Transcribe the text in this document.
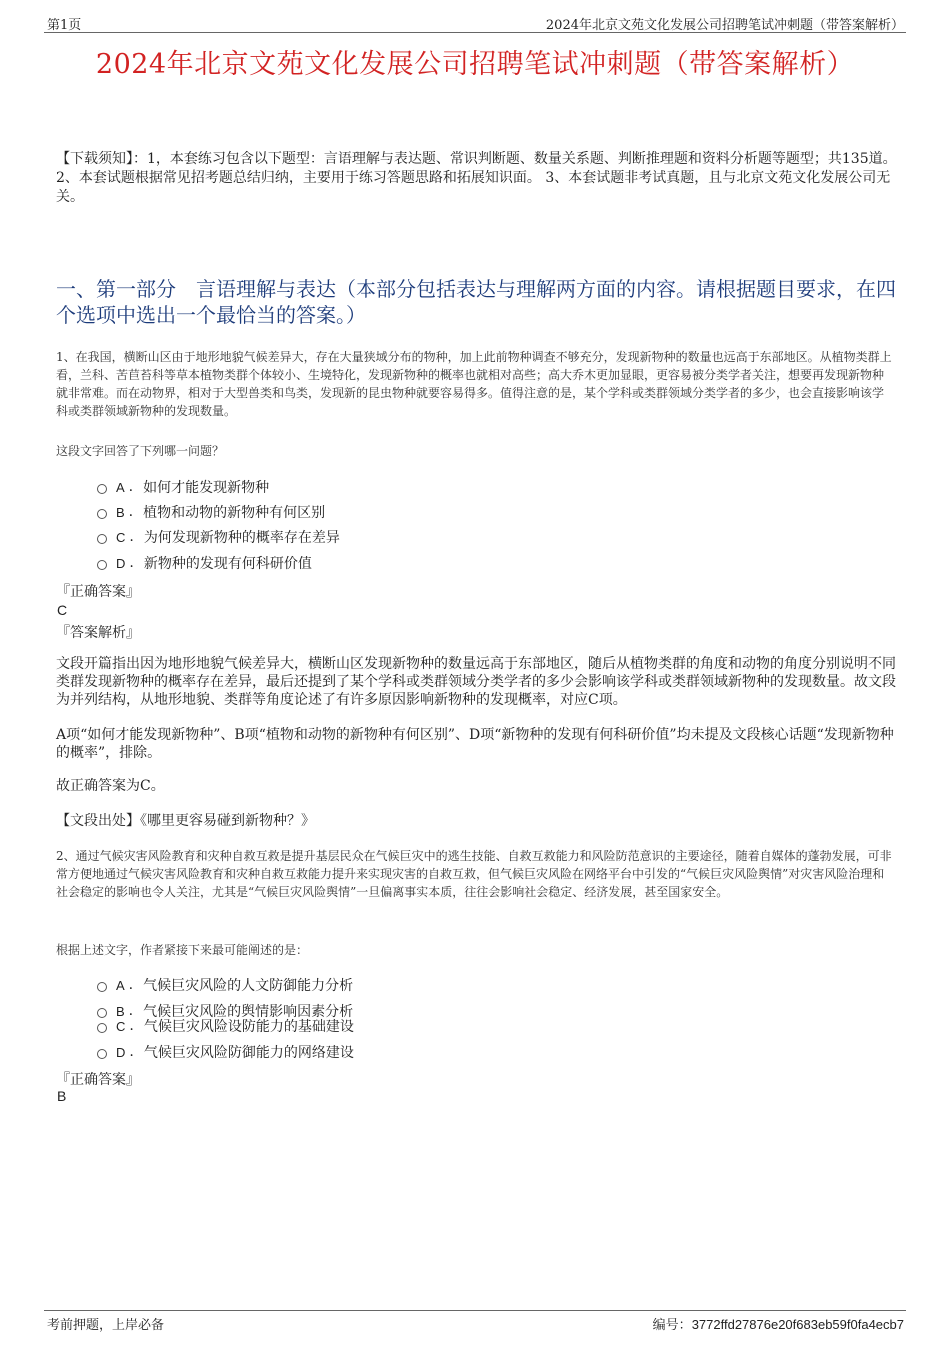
第1页	2024年北京文苑文化发展公司招聘笔试冲刺题（带答案解析）
2024年北京文苑文化发展公司招聘笔试冲刺题（带答案解析）
【下载须知】：1，本套练习包含以下题型：言语理解与表达题、常识判断题、数量关系题、判断推理题和资料分析题等题型；共135道。 2、本套试题根据常见招考题总结归纳，主要用于练习答题思路和拓展知识面。 3、本套试题非考试真题，且与北京文苑文化发展公司无关。
一、第一部分　言语理解与表达（本部分包括表达与理解两方面的内容。请根据题目要求，在四个选项中选出一个最恰当的答案。）
1、在我国，横断山区由于地形地貌气候差异大，存在大量狭域分布的物种，加上此前物种调查不够充分，发现新物种的数量也远高于东部地区。从植物类群上看，兰科、苦苣苔科等草本植物类群个体较小、生境特化，发现新物种的概率也就相对高些；高大乔木更加显眼，更容易被分类学者关注，想要再发现新物种就非常难。而在动物界，相对于大型兽类和鸟类，发现新的昆虫物种就要容易得多。值得注意的是，某个学科或类群领域分类学者的多少，也会直接影响该学科或类群领域新物种的发现数量。
这段文字回答了下列哪一问题？
A . 如何才能发现新物种
B . 植物和动物的新物种有何区别
C . 为何发现新物种的概率存在差异
D . 新物种的发现有何科研价值
『正确答案』
C
『答案解析』
文段开篇指出因为地形地貌气候差异大，横断山区发现新物种的数量远高于东部地区，随后从植物类群的角度和动物的角度分别说明不同类群发现新物种的概率存在差异，最后还提到了某个学科或类群领域分类学者的多少会影响该学科或类群领域新物种的发现数量。故文段为并列结构，从地形地貌、类群等角度论述了有许多原因影响新物种的发现概率，对应C项。
A项“如何才能发现新物种”、B项“植物和动物的新物种有何区别”、D项“新物种的发现有何科研价值”均未提及文段核心话题“发现新物种的概率”，排除。
故正确答案为C。
【文段出处】《哪里更容易碰到新物种？》
2、通过气候灾害风险教育和灾种自救互救是提升基层民众在气候巨灾中的逃生技能、自救互救能力和风险防范意识的主要途径，随着自媒体的蓬勃发展，可非常方便地通过气候灾害风险教育和灾种自救互救能力提升来实现灾害的自救互救，但气候巨灾风险在网络平台中引发的“气候巨灾风险舆情”对灾害风险治理和社会稳定的影响也令人关注，尤其是“气候巨灾风险舆情”一旦偏离事实本质，往往会影响社会稳定、经济发展，甚至国家安全。
根据上述文字，作者紧接下来最可能阐述的是：
A . 气候巨灾风险的人文防御能力分析
B . 气候巨灾风险的舆情影响因素分析
C . 气候巨灾风险设防能力的基础建设
D . 气候巨灾风险防御能力的网络建设
『正确答案』
B
考前押题，上岸必备	编号：3772ffd27876e20f683eb59f0fa4ecb7
